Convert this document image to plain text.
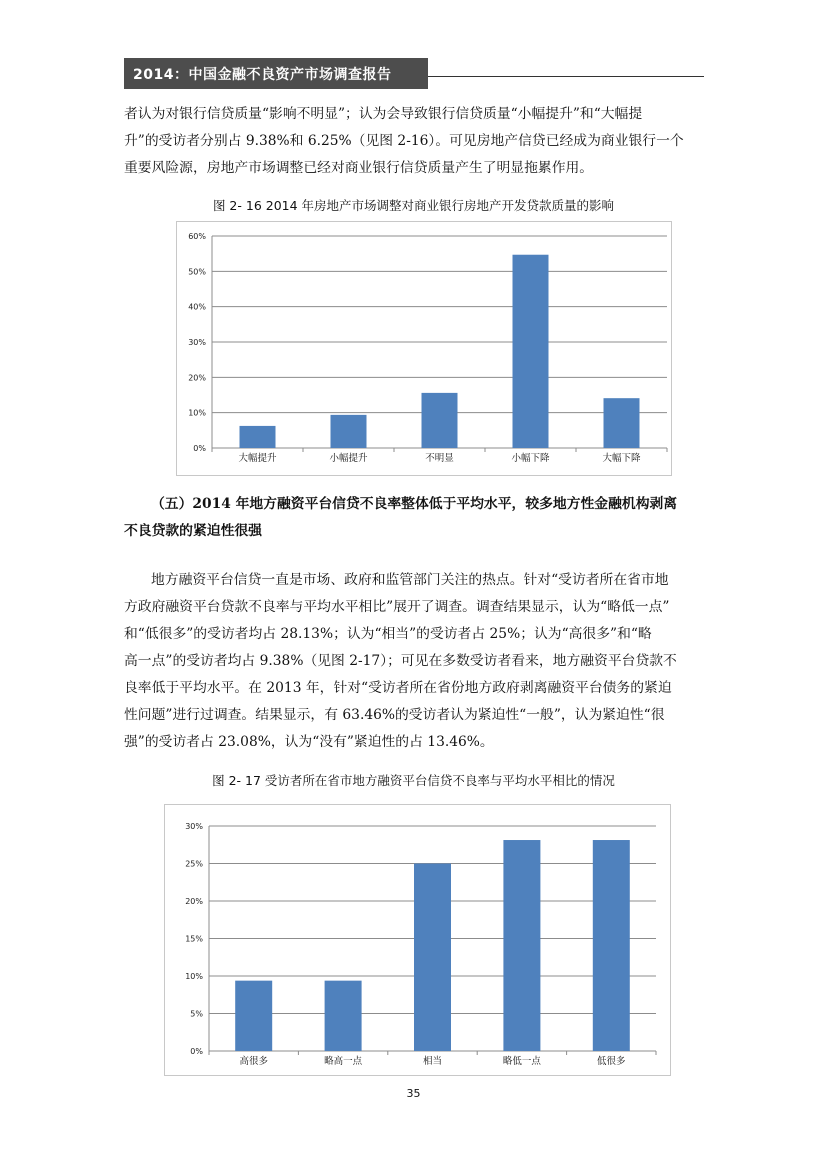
2014：中国金融不良资产市场调查报告
者认为对银行信贷质量“影响不明显”；认为会导致银行信贷质量“小幅提升”和“大幅提
升”的受访者分别占 9.38%和 6.25%（见图 2-16）。可见房地产信贷已经成为商业银行一个
重要风险源，房地产市场调整已经对商业银行信贷质量产生了明显拖累作用。
图 2- 16 2014 年房地产市场调整对商业银行房地产开发贷款质量的影响
0%
10%
20%
30%
40%
50%
60%
大幅提升	小幅提升	不明显	小幅下降	大幅下降
（五）2014 年地方融资平台信贷不良率整体低于平均水平，较多地方性金融机构剥离
不良贷款的紧迫性很强
地方融资平台信贷一直是市场、政府和监管部门关注的热点。针对“受访者所在省市地
方政府融资平台贷款不良率与平均水平相比”展开了调查。调查结果显示，认为“略低一点”
和“低很多”的受访者均占 28.13%；认为“相当”的受访者占 25%；认为“高很多”和“略
高一点”的受访者均占 9.38%（见图 2-17）；可见在多数受访者看来，地方融资平台贷款不
良率低于平均水平。在 2013 年，针对“受访者所在省份地方政府剥离融资平台债务的紧迫
性问题”进行过调查。结果显示，有 63.46%的受访者认为紧迫性“一般”，认为紧迫性“很
强”的受访者占 23.08%，认为“没有”紧迫性的占 13.46%。
图 2- 17 受访者所在省市地方融资平台信贷不良率与平均水平相比的情况
0%
5%
10%
15%
20%
25%
30%
高很多	略高一点	相当	略低一点	低很多
35
